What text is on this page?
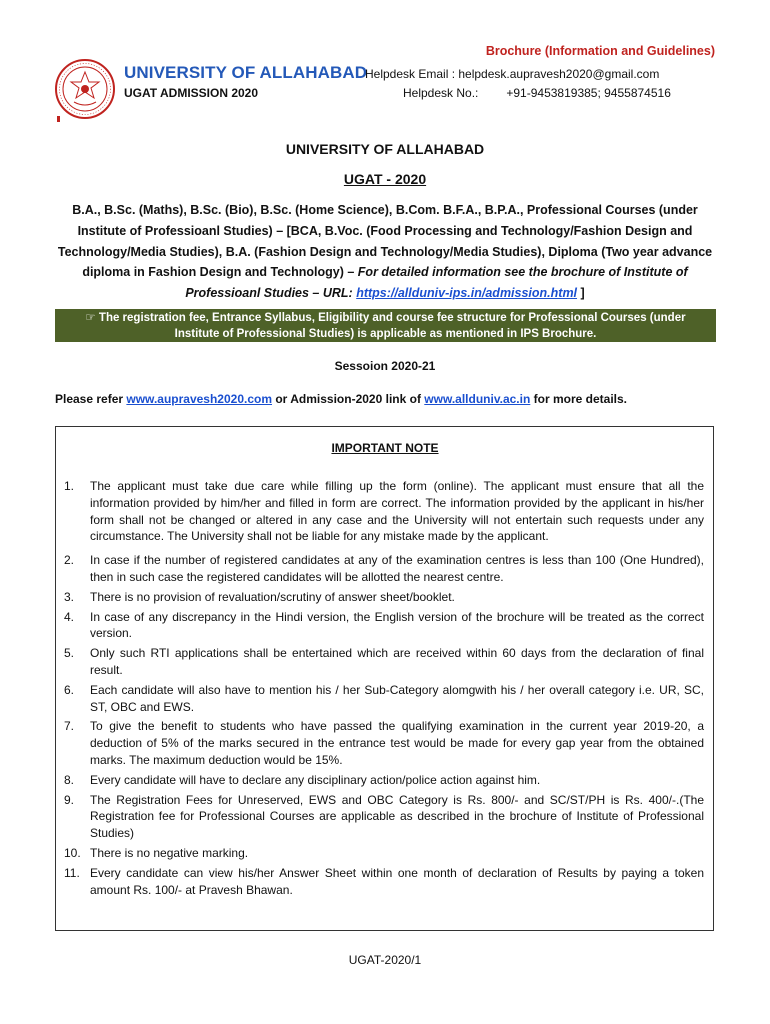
Brochure (Information and Guidelines)
UNIVERSITY OF ALLAHABAD
UGAT ADMISSION 2020
Helpdesk Email : helpdesk.aupravesh2020@gmail.com
Helpdesk No.: +91-9453819385; 9455874516
UNIVERSITY OF ALLAHABAD
UGAT - 2020
B.A., B.Sc. (Maths), B.Sc. (Bio), B.Sc. (Home Science), B.Com. B.F.A., B.P.A., Professional Courses (under Institute of Professioanl Studies) – [BCA, B.Voc. (Food Processing and Technology/Fashion Design and Technology/Media Studies), B.A. (Fashion Design and Technology/Media Studies), Diploma (Two year advance diploma in Fashion Design and Technology) – For detailed information see the brochure of Institute of Professioanl Studies – URL: https://allduniv-ips.in/admission.html ]
☞ The registration fee, Entrance Syllabus, Eligibility and course fee structure for Professional Courses (under
Institute of Professional Studies) is applicable as mentioned in IPS Brochure.
Sessoion 2020-21
Please refer www.aupravesh2020.com or Admission-2020 link of www.allduniv.ac.in for more details.
IMPORTANT NOTE
1. The applicant must take due care while filling up the form (online). The applicant must ensure that all the information provided by him/her and filled in form are correct. The information provided by the applicant in his/her form shall not be changed or altered in any case and the University will not entertain such requests under any circumstance. The University shall not be liable for any mistake made by the applicant.
2. In case if the number of registered candidates at any of the examination centres is less than 100 (One Hundred), then in such case the registered candidates will be allotted the nearest centre.
3. There is no provision of revaluation/scrutiny of answer sheet/booklet.
4. In case of any discrepancy in the Hindi version, the English version of the brochure will be treated as the correct version.
5. Only such RTI applications shall be entertained which are received within 60 days from the declaration of final result.
6. Each candidate will also have to mention his / her Sub-Category alomgwith his / her overall category i.e. UR, SC, ST, OBC and EWS.
7. To give the benefit to students who have passed the qualifying examination in the current year 2019-20, a deduction of 5% of the marks secured in the entrance test would be made for every gap year from the obtained marks. The maximum deduction would be 15%.
8. Every candidate will have to declare any disciplinary action/police action against him.
9. The Registration Fees for Unreserved, EWS and OBC Category is Rs. 800/- and SC/ST/PH is Rs. 400/-.(The Registration fee for Professional Courses are applicable as described in the brochure of Institute of Professional Studies)
10. There is no negative marking.
11. Every candidate can view his/her Answer Sheet within one month of declaration of Results by paying a token amount Rs. 100/- at Pravesh Bhawan.
UGAT-2020/1
